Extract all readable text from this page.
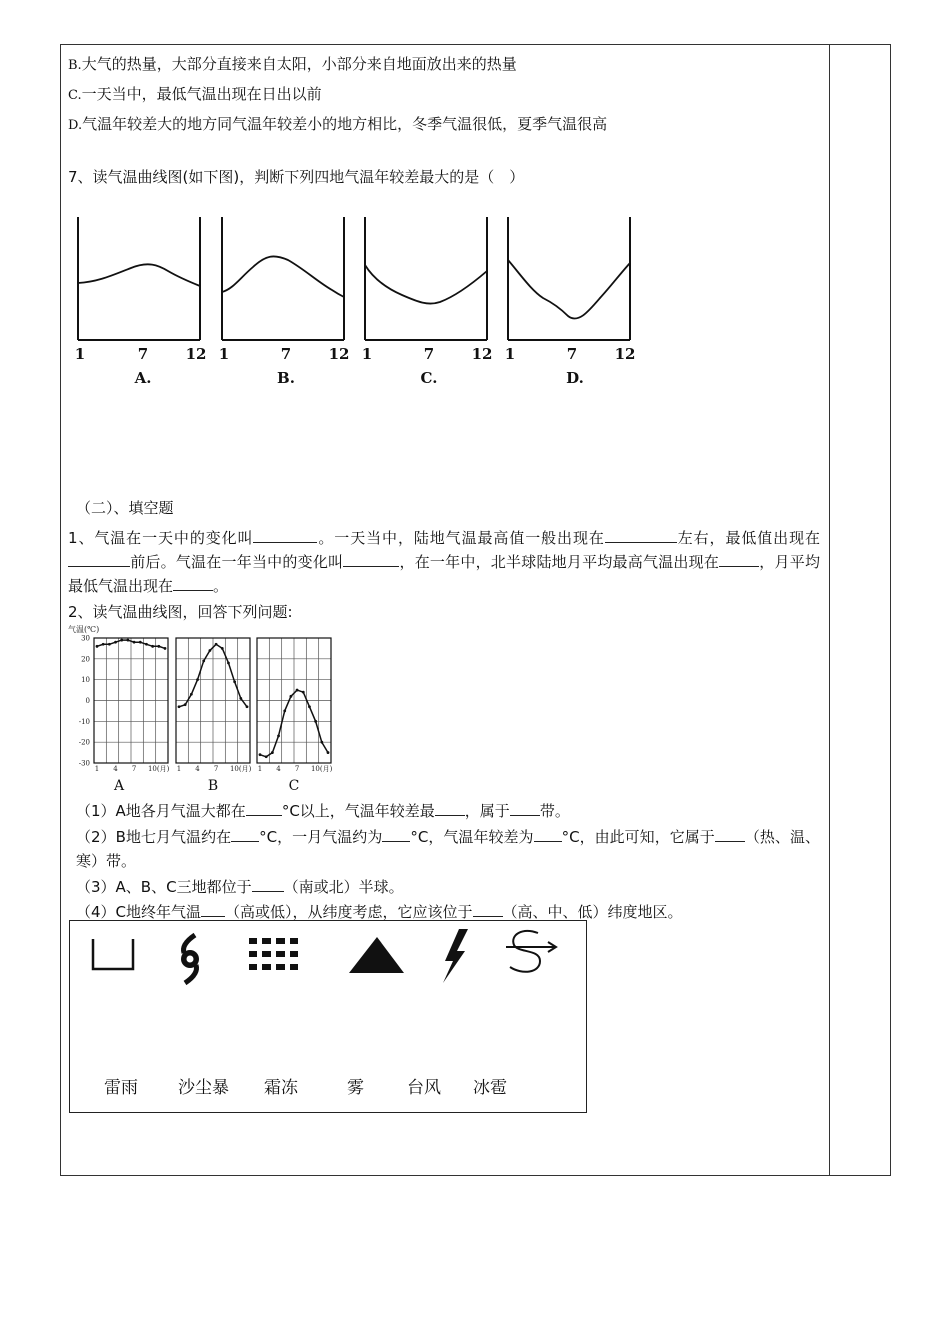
B.大气的热量，大部分直接来自太阳，小部分来自地面放出来的热量
C.一天当中，最低气温出现在日出以前
D.气温年较差大的地方同气温年较差小的地方相比，冬季气温很低，夏季气温很高
7、读气温曲线图(如下图)，判断下列四地气温年较差最大的是（　）
1	7 12
A.
1	7 12
B.
1	7 12
C.
1	7 12
D.
（二）、填空题
1、气温在一天中的变化叫	。一天当中，陆地气温最高值一般出现在	左右，最低值出现在前后。气温在一年当中的变化叫	，在一年中，北半球陆地月平均最高气温出现在	，月平均最低气温出现在	。
2、读气温曲线图，回答下列问题:
气温(℃)
30
20
10
0
-10
-20
-30
1 4 7 10(月) 1 4 7 10(月) 1 4 7 10(月)
A	B	C
（1）A地各月气温大都在 °C以上，气温年较差最 ，属于 带。
（2）B地七月气温约在 °C，一月气温约为 °C，气温年较差为 °C，由此可知，它属于 （热、温、寒）带。
（3）A、B、C三地都位于 （南或北）半球。
（4）C地终年气温 （高或低），从纬度考虑，它应该位于 （高、中、低）纬度地区。
雷雨 沙尘暴 霜冻	雾	台风 冰雹
